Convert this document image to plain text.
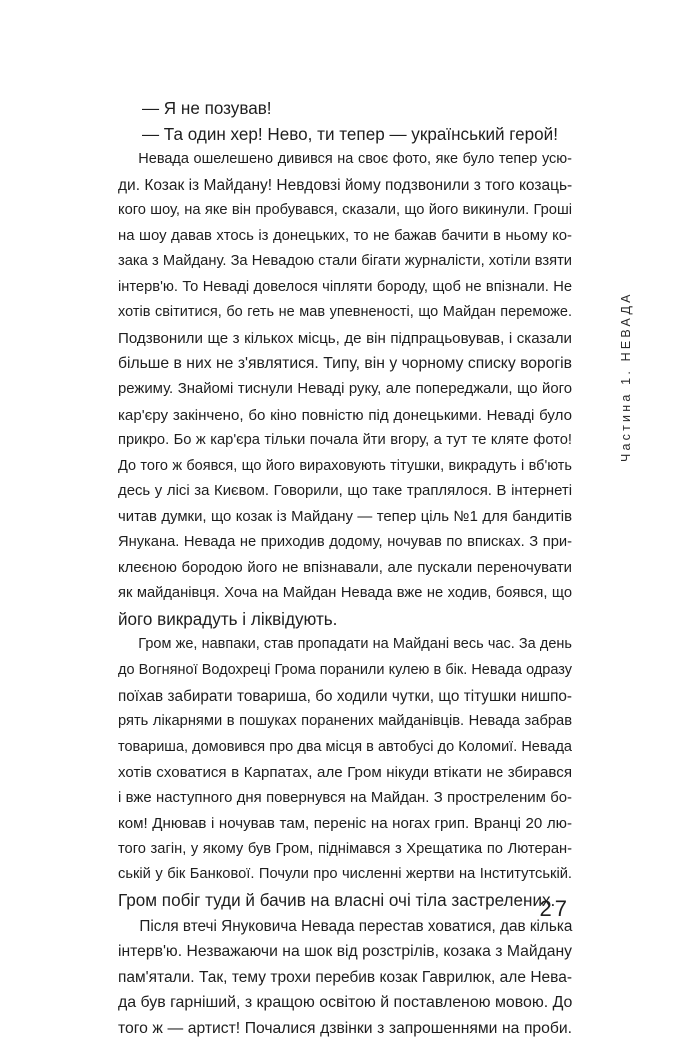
Частина 1. НЕВАДА
— Я не позував!
— Та один хер! Нево, ти тепер — український герой!
Невада ошелешено дивився на своє фото, яке було тепер усю-
ди. Козак із Майдану! Невдовзі йому подзвонили з того козаць-
кого шоу, на яке він пробувався, сказали, що його викинули. Гроші
на шоу давав хтось із донецьких, то не бажав бачити в ньому ко-
зака з Майдану. За Невадою стали бігати журналісти, хотіли взяти
інтерв'ю. То Неваді довелося чіпляти бороду, щоб не впізнали. Не
хотів світитися, бо геть не мав упевненості, що Майдан переможе.
Подзвонили ще з кількох місць, де він підпрацьовував, і сказали
більше в них не з'являтися. Типу, він у чорному списку ворогів
режиму. Знайомі тиснули Неваді руку, але попереджали, що його
кар'єру закінчено, бо кіно повністю під донецькими. Неваді було
прикро. Бо ж кар'єра тільки почала йти вгору, а тут те кляте фото!
До того ж боявся, що його вираховують тітушки, викрадуть і вб'ють
десь у лісі за Києвом. Говорили, що таке траплялося. В інтернеті
читав думки, що козак із Майдану — тепер ціль №1 для бандитів
Янукана. Невада не приходив додому, ночував по вписках. З при-
клеєною бородою його не впізнавали, але пускали переночувати
як майданівця. Хоча на Майдан Невада вже не ходив, боявся, що
його викрадуть і ліквідують.
Гром же, навпаки, став пропадати на Майдані весь час. За день
до Вогняної Водохреці Грома поранили кулею в бік. Невада одразу
поїхав забирати товариша, бо ходили чутки, що тітушки нишпо-
рять лікарнями в пошуках поранених майданівців. Невада забрав
товариша, домовився про два місця в автобусі до Коломиї. Невада
хотів сховатися в Карпатах, але Гром нікуди втікати не збирався
і вже наступного дня повернувся на Майдан. З простреленим бо-
ком! Днював і ночував там, переніс на ногах грип. Вранці 20 лю-
того загін, у якому був Гром, піднімався з Хрещатика по Лютеран-
ській у бік Банкової. Почули про численні жертви на Інститутській.
Гром побіг туди й бачив на власні очі тіла застрелених.
Після втечі Януковича Невада перестав ховатися, дав кілька
інтерв'ю. Незважаючи на шок від розстрілів, козака з Майдану
пам'ятали. Так, тему трохи перебив козак Гаврилюк, але Нева-
да був гарніший, з кращою освітою й поставленою мовою. До
того ж — артист! Почалися дзвінки з запрошеннями на проби.
27
